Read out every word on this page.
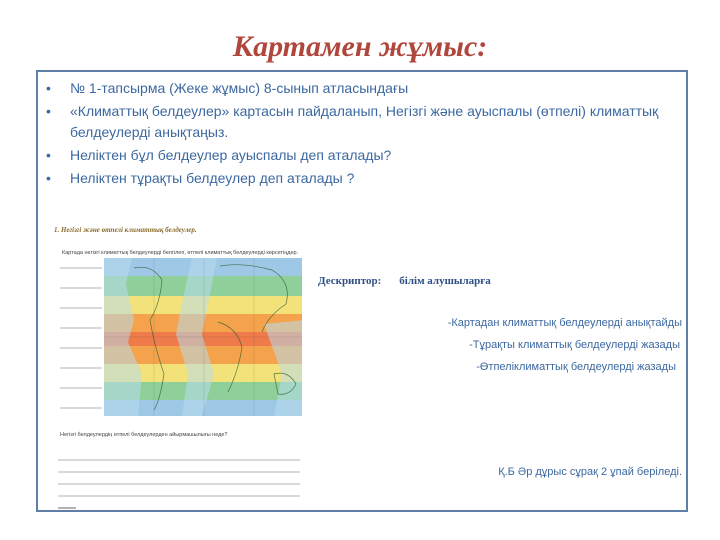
Картамен жұмыс:
• № 1-тапсырма (Жеке жұмыс) 8-сынып атласындағы
• «Климаттық белдеулер» картасын пайдаланып, Негізгі және ауыспалы (өтпелі) климаттық белдеулерді анықтаңыз.
• Неліктен бұл белдеулер ауыспалы деп аталады?
• Неліктен тұрақты белдеулер деп аталады ?
1. Негізгі және өтпелі климаттық белдеулер.
Картада негізгі климаттық белдеулерді белгілеп, өтпелі климаттық белдеулерді көрсетіңдер.
Негізгі белдеулердің өтпелі белдеулерден айырмашылығы неде?
Дескриптор: білім алушыларға
-Картадан климаттық белдеулерді анықтайды
-Тұрақты климаттық белдеулерді жазады
-Өтпеліклиматтық белдеулерді жазады
Қ.Б Әр дұрыс сұрақ 2 ұпай беріледі.
